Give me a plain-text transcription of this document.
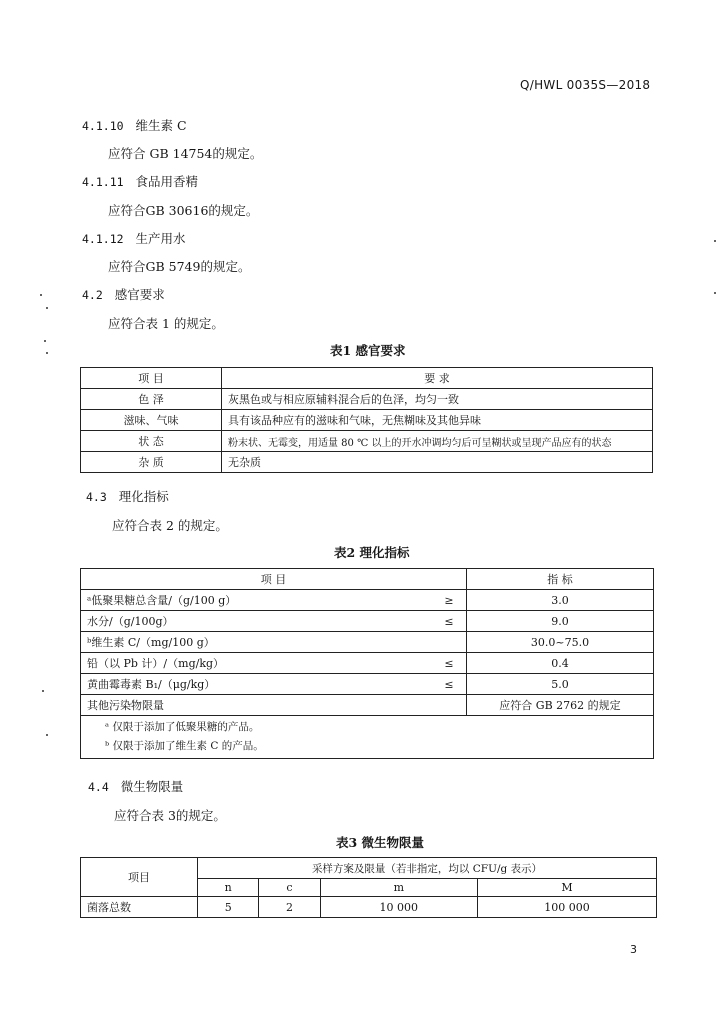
Q/HWL 0035S—2018
4.1.10 维生素 C
应符合 GB 14754的规定。
4.1.11 食品用香精
应符合GB 30616的规定。
4.1.12 生产用水
应符合GB 5749的规定。
4.2 感官要求
应符合表 1 的规定。
表1 感官要求
项 目	要 求
色 泽	灰黑色或与相应原辅料混合后的色泽，均匀一致
滋味、气味	具有该品种应有的滋味和气味，无焦糊味及其他异味
状 态	粉末状、无霉变，用适量 80 ℃ 以上的开水冲调均匀后可呈糊状或呈现产品应有的状态
杂 质	无杂质
4.3 理化指标
应符合表 2 的规定。
表2 理化指标
项 目		指 标
ᵃ低聚果糖总含量/（g/100 g）	≥	3.0
水分/（g/100g）	≤	9.0
ᵇ维生素 C/（mg/100 g）		30.0~75.0
铅（以 Pb 计）/（mg/kg）	≤	0.4
黄曲霉毒素 B₁/（μg/kg）	≤	5.0
其他污染物限量		应符合 GB 2762 的规定

ᵃ 仅限于添加了低聚果糖的产品。
ᵇ 仅限于添加了维生素 C 的产品。		
4.4 微生物限量
应符合表 3的规定。
表3 微生物限量
项目	采样方案及限量（若非指定，均以 CFU/g 表示）			
	n	c	m	M
菌落总数	5	2	10 000	100 000
3
